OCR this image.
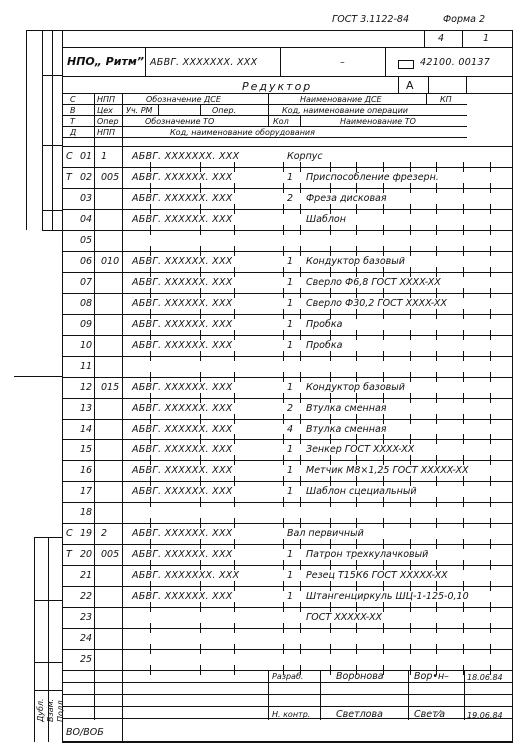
ГОСТ 3.1122-84	Форма 2
4	1
НПО„ Ритм” АБВГ. XXXXXXX. XXX	–	42100. 00137
Редуктор	А
С	НПП	Обозначение ДСЕ	Наименование ДСЕ	КП
В	Цех Уч. РМ	Опер.	Код, наименование операции
Т	Опер	Обозначение ТО	Кол	Наименование ТО
Д	НПП	Код, наименование оборудования
С 01 1	АБВГ. XXXXXXX. XXX	Корпус
Т 02 005 АБВГ. XXXXXX. XXX	1 Приспособление фрезерн.
03	АБВГ. XXXXXX. XXX	2 Фреза дисковая
04	АБВГ. XXXXXX. XXX	Шаблон
05
06 010 АБВГ. XXXXXX. XXX	1 Кондуктор базовый
07	АБВГ. XXXXXX. XXX	1 Сверло Ф6,8 ГОСТ XXXX-XX
08	АБВГ. XXXXXX. XXX	1 Сверло Ф30,2 ГОСТ XXXX-XX
09	АБВГ. XXXXXX. XXX	1 Пробка
10	АБВГ. XXXXXX. XXX	1 Пробка
11
12 015 АБВГ. XXXXXX. XXX	1 Кондуктор базовый
13	АБВГ. XXXXXX. XXX	2 Втулка сменная
14	АБВГ. XXXXXX. XXX	4 Втулка сменная
15	АБВГ. XXXXXX. XXX	1 Зенкер ГОСТ XXXX-XX
16	АБВГ. XXXXXX. XXX	1 Метчик М8×1,25 ГОСТ XXXXX-XX
17	АБВГ. XXXXXX. XXX	1 Шаблон сцециальный
18
С 19 2	АБВГ. XXXXXX. XXX	Вал первичный
Т 20 005 АБВГ. XXXXXX. XXX	1 Патрон трехкулачковый
21	АБВГ. XXXXXXX. XXX	1 Резец Т15К6 ГОСТ XXXXX-XX
22	АБВГ. XXXXXX. XXX	1 Штангенциркуль ШЦ-1-125-0,10
23	ГОСТ XXXXX-XX
24
25
Дубл. Взам. Подл.
Разраб.	Воронова	Вор•н– 18.06.84
Н. контр.	Светлова	Свет⁄а	19.06.84
ВО/ВОБ
